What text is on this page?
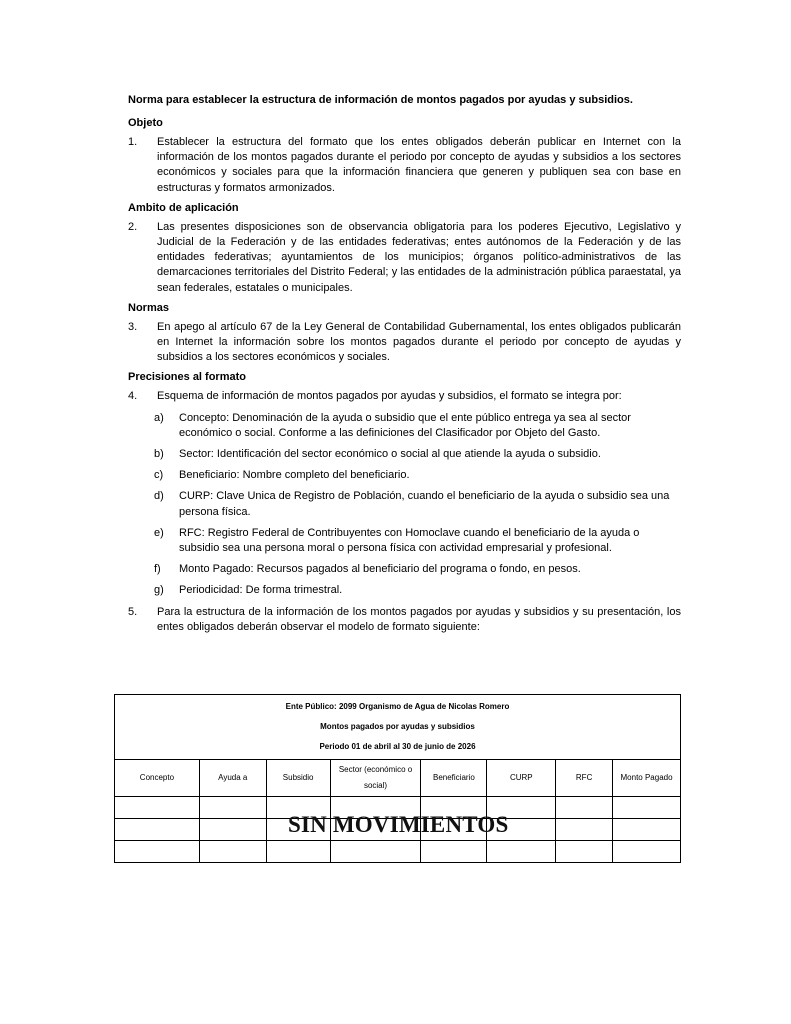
Norma para establecer la estructura de información de montos pagados por ayudas y subsidios.

Objeto

1.	Establecer la estructura del formato que los entes obligados deberán publicar en Internet con la información de los montos pagados durante el periodo por concepto de ayudas y subsidios a los sectores económicos y sociales para que la información financiera que generen y publiquen sea con base en estructuras y formatos armonizados.

Ambito de aplicación

2.	Las presentes disposiciones son de observancia obligatoria para los poderes Ejecutivo, Legislativo y Judicial de la Federación y de las entidades federativas; entes autónomos de la Federación y de las entidades federativas; ayuntamientos de los municipios; órganos político-administrativos de las demarcaciones territoriales del Distrito Federal; y las entidades de la administración pública paraestatal, ya sean federales, estatales o municipales.

Normas

3.	En apego al artículo 67 de la Ley General de Contabilidad Gubernamental, los entes obligados publicarán en Internet la información sobre los montos pagados durante el periodo por concepto de ayudas y subsidios a los sectores económicos y sociales.

Precisiones al formato

4.	Esquema de información de montos pagados por ayudas y subsidios, el formato se integra por:
a)	Concepto: Denominación de la ayuda o subsidio que el ente público entrega ya sea al sector económico o social. Conforme a las definiciones del Clasificador por Objeto del Gasto.
b)	Sector: Identificación del sector económico o social al que atiende la ayuda o subsidio.
c)	Beneficiario: Nombre completo del beneficiario.
d)	CURP: Clave Unica de Registro de Población, cuando el beneficiario de la ayuda o subsidio sea una persona física.
e)	RFC: Registro Federal de Contribuyentes con Homoclave cuando el beneficiario de la ayuda o subsidio sea una persona moral o persona física con actividad empresarial y profesional.
f)	Monto Pagado: Recursos pagados al beneficiario del programa o fondo, en pesos.
g)	Periodicidad: De forma trimestral.
5.	Para la estructura de la información de los montos pagados por ayudas y subsidios y su presentación, los entes obligados deberán observar el modelo de formato siguiente:
Ente Público: 2099 Organismo de Agua de Nicolas Romero
Montos pagados por ayudas y subsidios
Periodo 01 de abril al 30 de junio de 2026							

Concepto	Ayuda a	Subsidio	Sector (económico o social)	Beneficiario	CURP	RFC	Monto Pagado

SIN MOVIMIENTOS
